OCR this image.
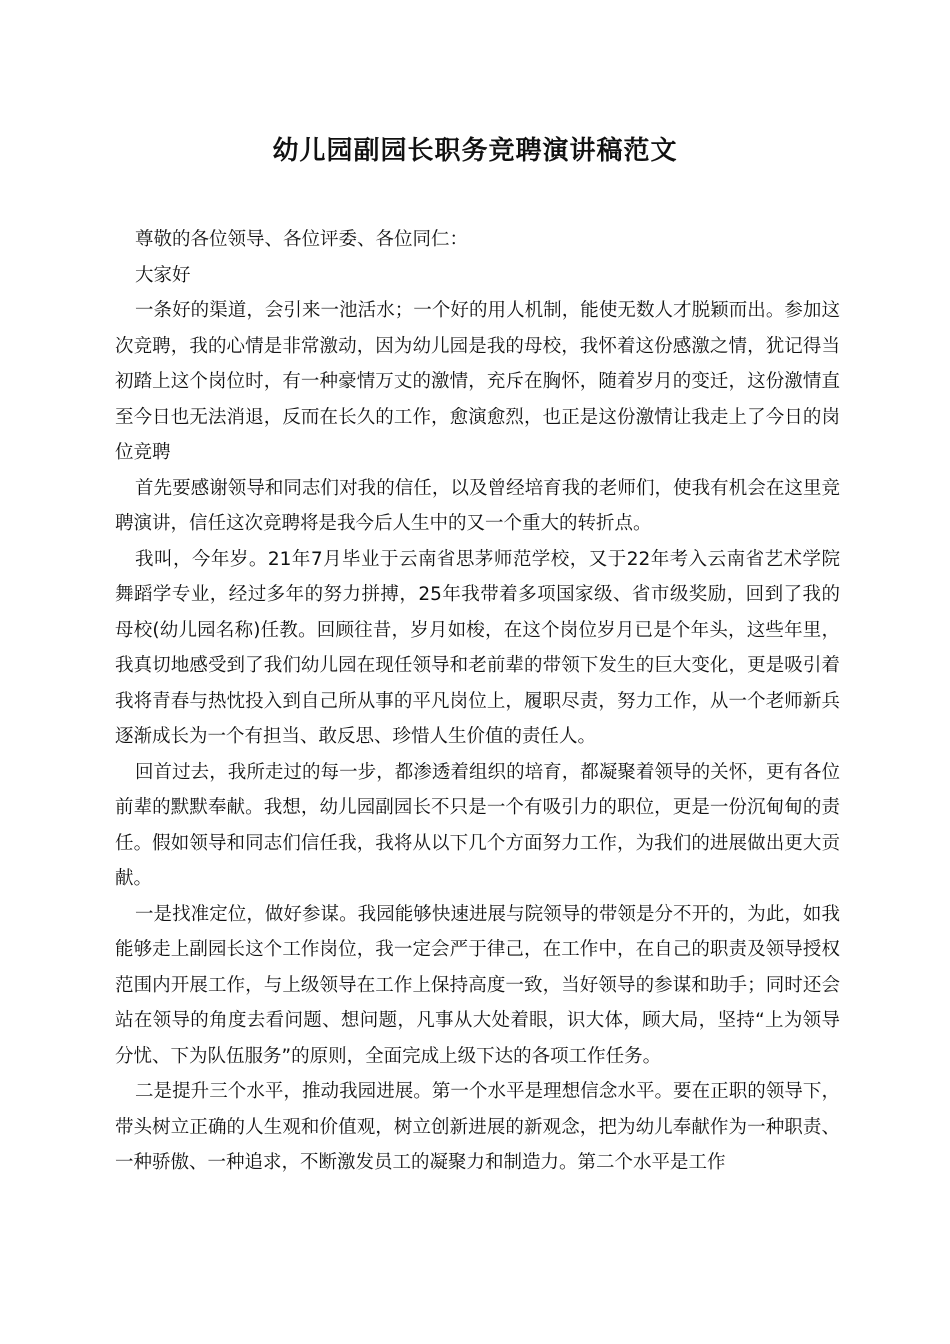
幼儿园副园长职务竞聘演讲稿范文

尊敬的各位领导、各位评委、各位同仁：

大家好

一条好的渠道，会引来一池活水；一个好的用人机制，能使无数人才脱颖而出。参加这次竞聘，我的心情是非常激动，因为幼儿园是我的母校，我怀着这份感激之情，犹记得当初踏上这个岗位时，有一种豪情万丈的激情，充斥在胸怀，随着岁月的变迁，这份激情直至今日也无法消退，反而在长久的工作，愈演愈烈，也正是这份激情让我走上了今日的岗位竞聘

首先要感谢领导和同志们对我的信任，以及曾经培育我的老师们，使我有机会在这里竞聘演讲，信任这次竞聘将是我今后人生中的又一个重大的转折点。

我叫，今年岁。21年7月毕业于云南省思茅师范学校，又于22年考入云南省艺术学院舞蹈学专业，经过多年的努力拼搏，25年我带着多项国家级、省市级奖励，回到了我的母校(幼儿园名称)任教。回顾往昔，岁月如梭，在这个岗位岁月已是个年头，这些年里，我真切地感受到了我们幼儿园在现任领导和老前辈的带领下发生的巨大变化，更是吸引着我将青春与热忱投入到自己所从事的平凡岗位上，履职尽责，努力工作，从一个老师新兵逐渐成长为一个有担当、敢反思、珍惜人生价值的责任人。

回首过去，我所走过的每一步，都渗透着组织的培育，都凝聚着领导的关怀，更有各位前辈的默默奉献。我想，幼儿园副园长不只是一个有吸引力的职位，更是一份沉甸甸的责任。假如领导和同志们信任我，我将从以下几个方面努力工作，为我们的进展做出更大贡献。

一是找准定位，做好参谋。我园能够快速进展与院领导的带领是分不开的，为此，如我能够走上副园长这个工作岗位，我一定会严于律己，在工作中，在自己的职责及领导授权范围内开展工作，与上级领导在工作上保持高度一致，当好领导的参谋和助手；同时还会站在领导的角度去看问题、想问题，凡事从大处着眼，识大体，顾大局，坚持“上为领导分忧、下为队伍服务”的原则，全面完成上级下达的各项工作任务。

二是提升三个水平，推动我园进展。第一个水平是理想信念水平。要在正职的领导下，带头树立正确的人生观和价值观，树立创新进展的新观念，把为幼儿奉献作为一种职责、一种骄傲、一种追求，不断激发员工的凝聚力和制造力。第二个水平是工作
